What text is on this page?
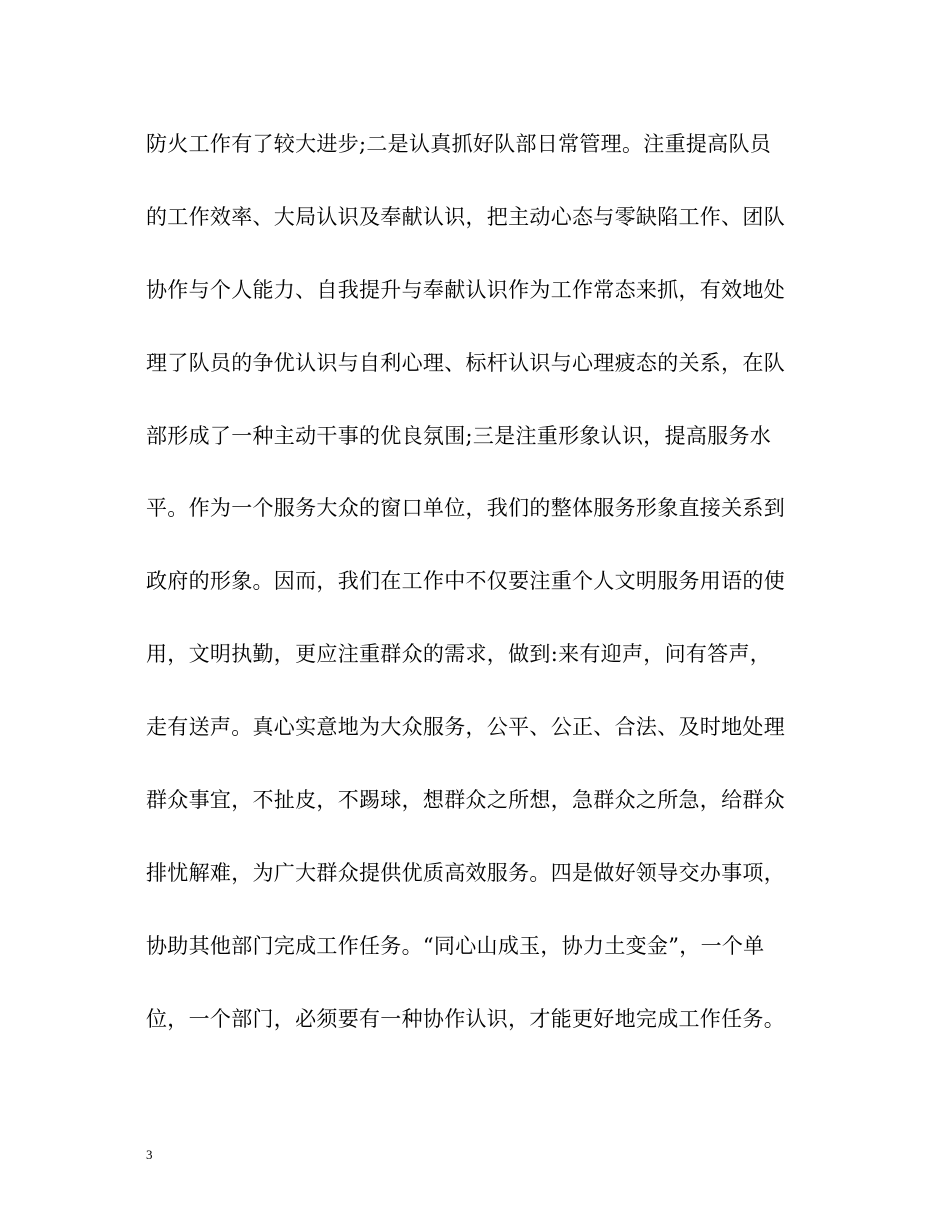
防火工作有了较大进步;二是认真抓好队部日常管理。注重提高队员
的工作效率、大局认识及奉献认识，把主动心态与零缺陷工作、团队
协作与个人能力、自我提升与奉献认识作为工作常态来抓，有效地处
理了队员的争优认识与自利心理、标杆认识与心理疲态的关系，在队
部形成了一种主动干事的优良氛围;三是注重形象认识，提高服务水
平。作为一个服务大众的窗口单位，我们的整体服务形象直接关系到
政府的形象。因而，我们在工作中不仅要注重个人文明服务用语的使
用，文明执勤，更应注重群众的需求，做到:来有迎声，问有答声，
走有送声。真心实意地为大众服务，公平、公正、合法、及时地处理
群众事宜，不扯皮，不踢球，想群众之所想，急群众之所急，给群众
排忧解难，为广大群众提供优质高效服务。四是做好领导交办事项，
协助其他部门完成工作任务。“同心山成玉，协力土变金”，一个单
位，一个部门，必须要有一种协作认识，才能更好地完成工作任务。
3
